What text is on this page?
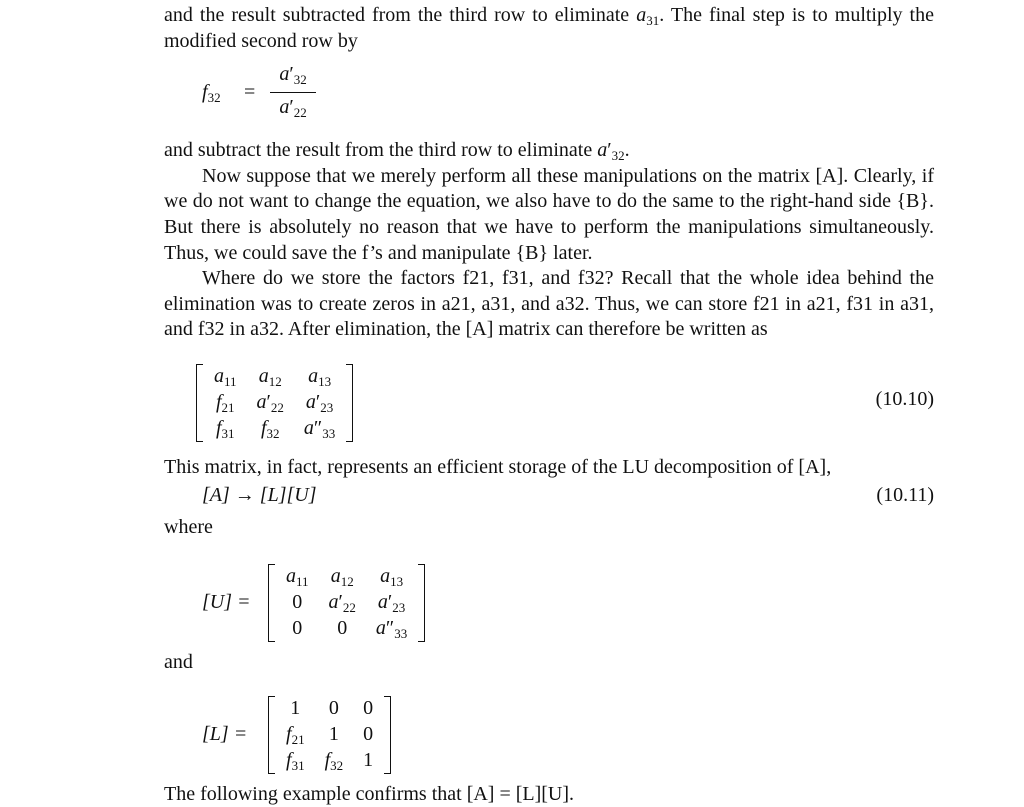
and the result subtracted from the third row to eliminate $a_{31}$. The final step is to multiply the modified second row by

$f_{32}$ =
$a'_{32}$
$a'_{22}$

and subtract the result from the third row to eliminate $a'_{32}$.

Now suppose that we merely perform all these manipulations on the matrix [A]. Clearly, if we do not want to change the equation, we also have to do the same to the right-hand side {B}. But there is absolutely no reason that we have to perform the manipulations simultaneously. Thus, we could save the f’s and manipulate {B} later.

Where do we store the factors f21, f31, and f32? Recall that the whole idea behind the elimination was to create zeros in a21, a31, and a32. Thus, we can store f21 in a21, f31 in a31, and f32 in a32. After elimination, the [A] matrix can therefore be written as

$a_{11}$	$a_{12}$	$a_{13}$
$f_{21}$	$a'_{22}$	$a'_{23}$
$f_{31}$	$f_{32}$	$a''_{33}$
(10.10)

This matrix, in fact, represents an efficient storage of the LU decomposition of [A],

[A] → [L][U]	(10.11)

where

[U] =
$a_{11}$	$a_{12}$	$a_{13}$
0	$a'_{22}$	$a'_{23}$
0	0	$a''_{33}$

and

[L] =
1	0	0
$f_{21}$	1	0
$f_{31}$	$f_{32}$	1

The following example confirms that [A] = [L][U].
